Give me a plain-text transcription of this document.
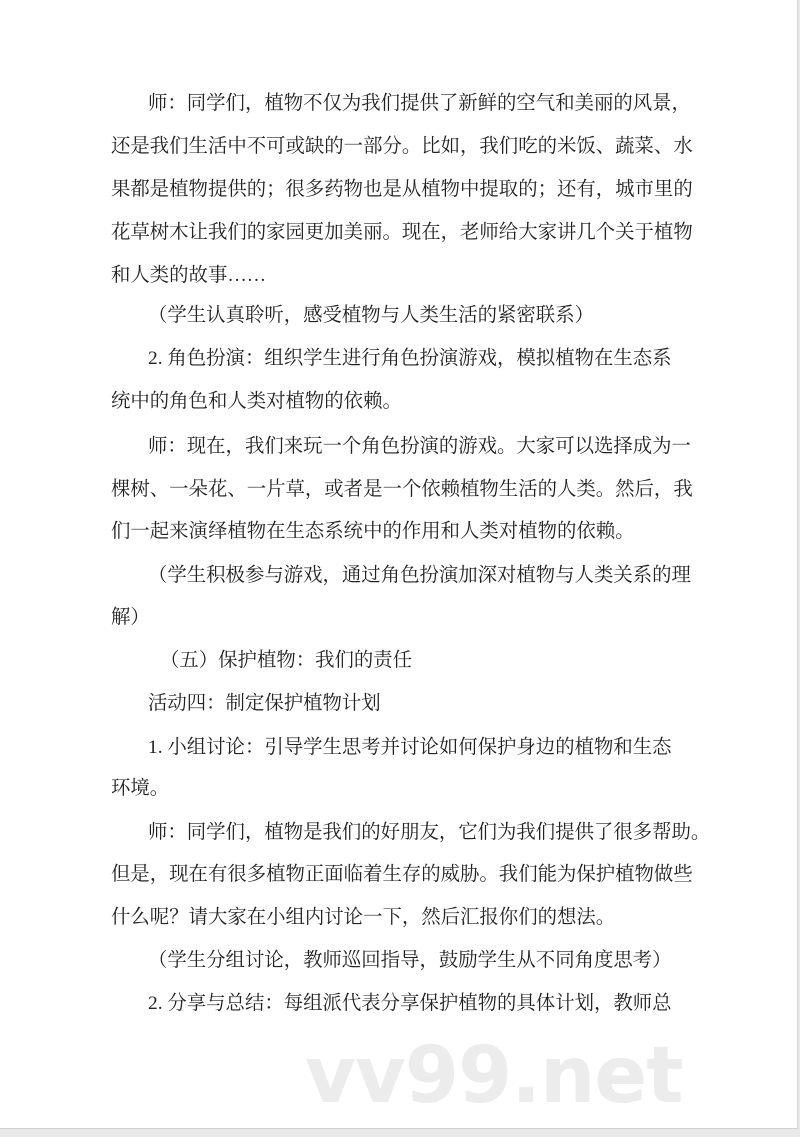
师：同学们，植物不仅为我们提供了新鲜的空气和美丽的风景，
还是我们生活中不可或缺的一部分。比如，我们吃的米饭、蔬菜、水
果都是植物提供的；很多药物也是从植物中提取的；还有，城市里的
花草树木让我们的家园更加美丽。现在，老师给大家讲几个关于植物
和人类的故事……
（学生认真聆听，感受植物与人类生活的紧密联系）
2. 角色扮演：组织学生进行角色扮演游戏，模拟植物在生态系
统中的角色和人类对植物的依赖。
师：现在，我们来玩一个角色扮演的游戏。大家可以选择成为一
棵树、一朵花、一片草，或者是一个依赖植物生活的人类。然后，我
们一起来演绎植物在生态系统中的作用和人类对植物的依赖。
（学生积极参与游戏，通过角色扮演加深对植物与人类关系的理
解）
（五）保护植物：我们的责任
活动四：制定保护植物计划
1. 小组讨论：引导学生思考并讨论如何保护身边的植物和生态
环境。
师：同学们，植物是我们的好朋友，它们为我们提供了很多帮助。
但是，现在有很多植物正面临着生存的威胁。我们能为保护植物做些
什么呢？请大家在小组内讨论一下，然后汇报你们的想法。
（学生分组讨论，教师巡回指导，鼓励学生从不同角度思考）
2. 分享与总结：每组派代表分享保护植物的具体计划，教师总
vv99.net
